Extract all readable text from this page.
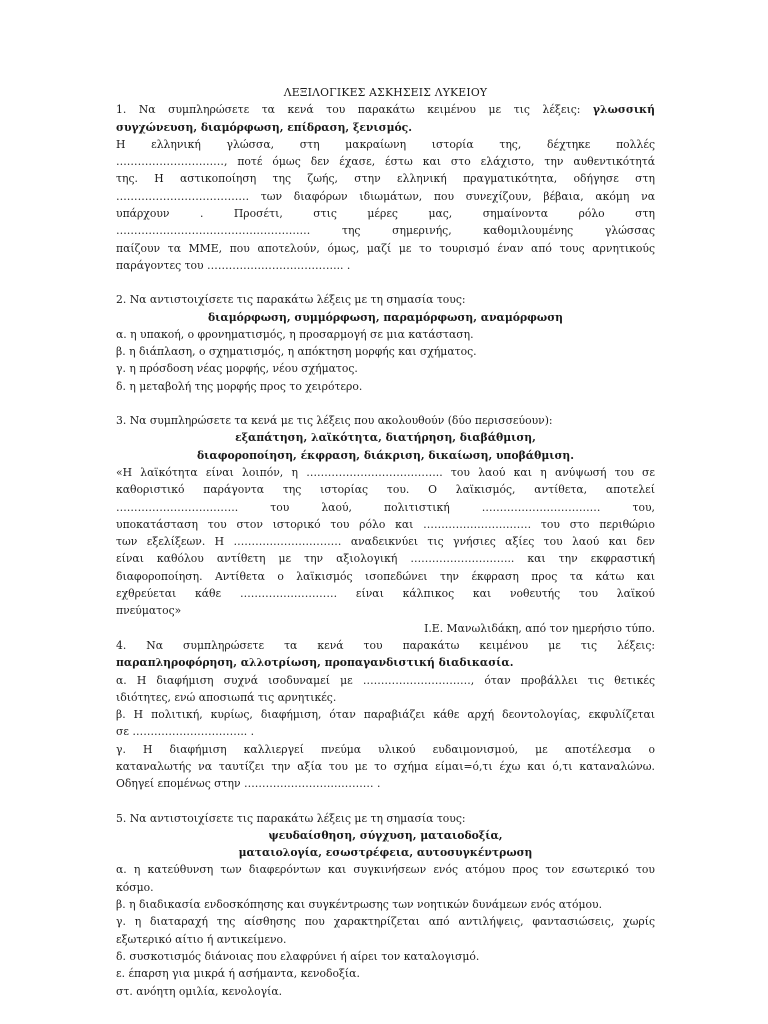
ΛΕΞΙΛΟΓΙΚΕΣ ΑΣΚΗΣΕΙΣ ΛΥΚΕΙΟΥ

1. Να συμπληρώσετε τα κενά του παρακάτω κειμένου με τις λέξεις: γλωσσική

συγχώνευση, διαμόρφωση, επίδραση, ξενισμός.

Η ελληνική γλώσσα, στη μακραίωνη ιστορία της, δέχτηκε πολλές

…………………………, ποτέ όμως δεν έχασε, έστω και στο ελάχιστο, την αυθεντικότητά

της. Η αστικοποίηση της ζωής, στην ελληνική πραγματικότητα, οδήγησε στη

………………………………. των διαφόρων ιδιωμάτων, που συνεχίζουν, βέβαια, ακόμη να

υπάρχουν . Προσέτι, στις μέρες μας, σημαίνοντα ρόλο στη

……………………………………………… της σημερινής, καθομιλουμένης γλώσσας

παίζουν τα ΜΜΕ, που αποτελούν, όμως, μαζί με το τουρισμό έναν από τους αρνητικούς

παράγοντες του ……………………………….. .

2. Να αντιστοιχίσετε τις παρακάτω λέξεις με τη σημασία τους:

διαμόρφωση, συμμόρφωση, παραμόρφωση, αναμόρφωση

α. η υπακοή, ο φρονηματισμός, η προσαρμογή σε μια κατάσταση.

β. η διάπλαση, ο σχηματισμός, η απόκτηση μορφής και σχήματος.

γ. η πρόσδοση νέας μορφής, νέου σχήματος.

δ. η μεταβολή της μορφής προς το χειρότερο.

3. Να συμπληρώσετε τα κενά με τις λέξεις που ακολουθούν (δύο περισσεύουν):

εξαπάτηση, λαϊκότητα, διατήρηση, διαβάθμιση,

διαφοροποίηση, έκφραση, διάκριση, δικαίωση, υποβάθμιση.

«Η λαϊκότητα είναι λοιπόν, η ……………………………….. του λαού και η ανύψωσή του σε

καθοριστικό παράγοντα της ιστορίας του. Ο λαϊκισμός, αντίθετα, αποτελεί

……………………………. του λαού, πολιτιστική …………………………… του,

υποκατάσταση του στον ιστορικό του ρόλο και ………………………… του στο περιθώριο

των εξελίξεων. Η ………………………… αναδεικνύει τις γνήσιες αξίες του λαού και δεν

είναι καθόλου αντίθετη με την αξιολογική ……………………….. και την εκφραστική

διαφοροποίηση. Αντίθετα ο λαϊκισμός ισοπεδώνει την έκφραση προς τα κάτω και

εχθρεύεται κάθε ……………………… είναι κάλπικος και νοθευτής του λαϊκού

πνεύματος»

Ι.Ε. Μανωλιδάκη, από τον ημερήσιο τύπο.

4. Να συμπληρώσετε τα κενά του παρακάτω κειμένου με τις λέξεις:

παραπληροφόρηση, αλλοτρίωση, προπαγανδιστική διαδικασία.

α. Η διαφήμιση συχνά ισοδυναμεί με …………………………, όταν προβάλλει τις θετικές

ιδιότητες, ενώ αποσιωπά τις αρνητικές.

β. Η πολιτική, κυρίως, διαφήμιση, όταν παραβιάζει κάθε αρχή δεοντολογίας, εκφυλίζεται

σε ………………………….. .

γ. Η διαφήμιση καλλιεργεί πνεύμα υλικού ευδαιμονισμού, με αποτέλεσμα ο

καταναλωτής να ταυτίζει την αξία του με το σχήμα είμαι=ό,τι έχω και ό,τι καταναλώνω.

Οδηγεί επομένως στην ……………………………… .

5. Να αντιστοιχίσετε τις παρακάτω λέξεις με τη σημασία τους:

ψευδαίσθηση, σύγχυση, ματαιοδοξία,

ματαιολογία, εσωστρέφεια, αυτοσυγκέντρωση

α. η κατεύθυνση των διαφερόντων και συγκινήσεων ενός ατόμου προς τον εσωτερικό του

κόσμο.

β. η διαδικασία ενδοσκόπησης και συγκέντρωσης των νοητικών δυνάμεων ενός ατόμου.

γ. η διαταραχή της αίσθησης που χαρακτηρίζεται από αντιλήψεις, φαντασιώσεις, χωρίς

εξωτερικό αίτιο ή αντικείμενο.

δ. συσκοτισμός διάνοιας που ελαφρύνει ή αίρει τον καταλογισμό.

ε. έπαρση για μικρά ή ασήμαντα, κενοδοξία.

στ. ανόητη ομιλία, κενολογία.
